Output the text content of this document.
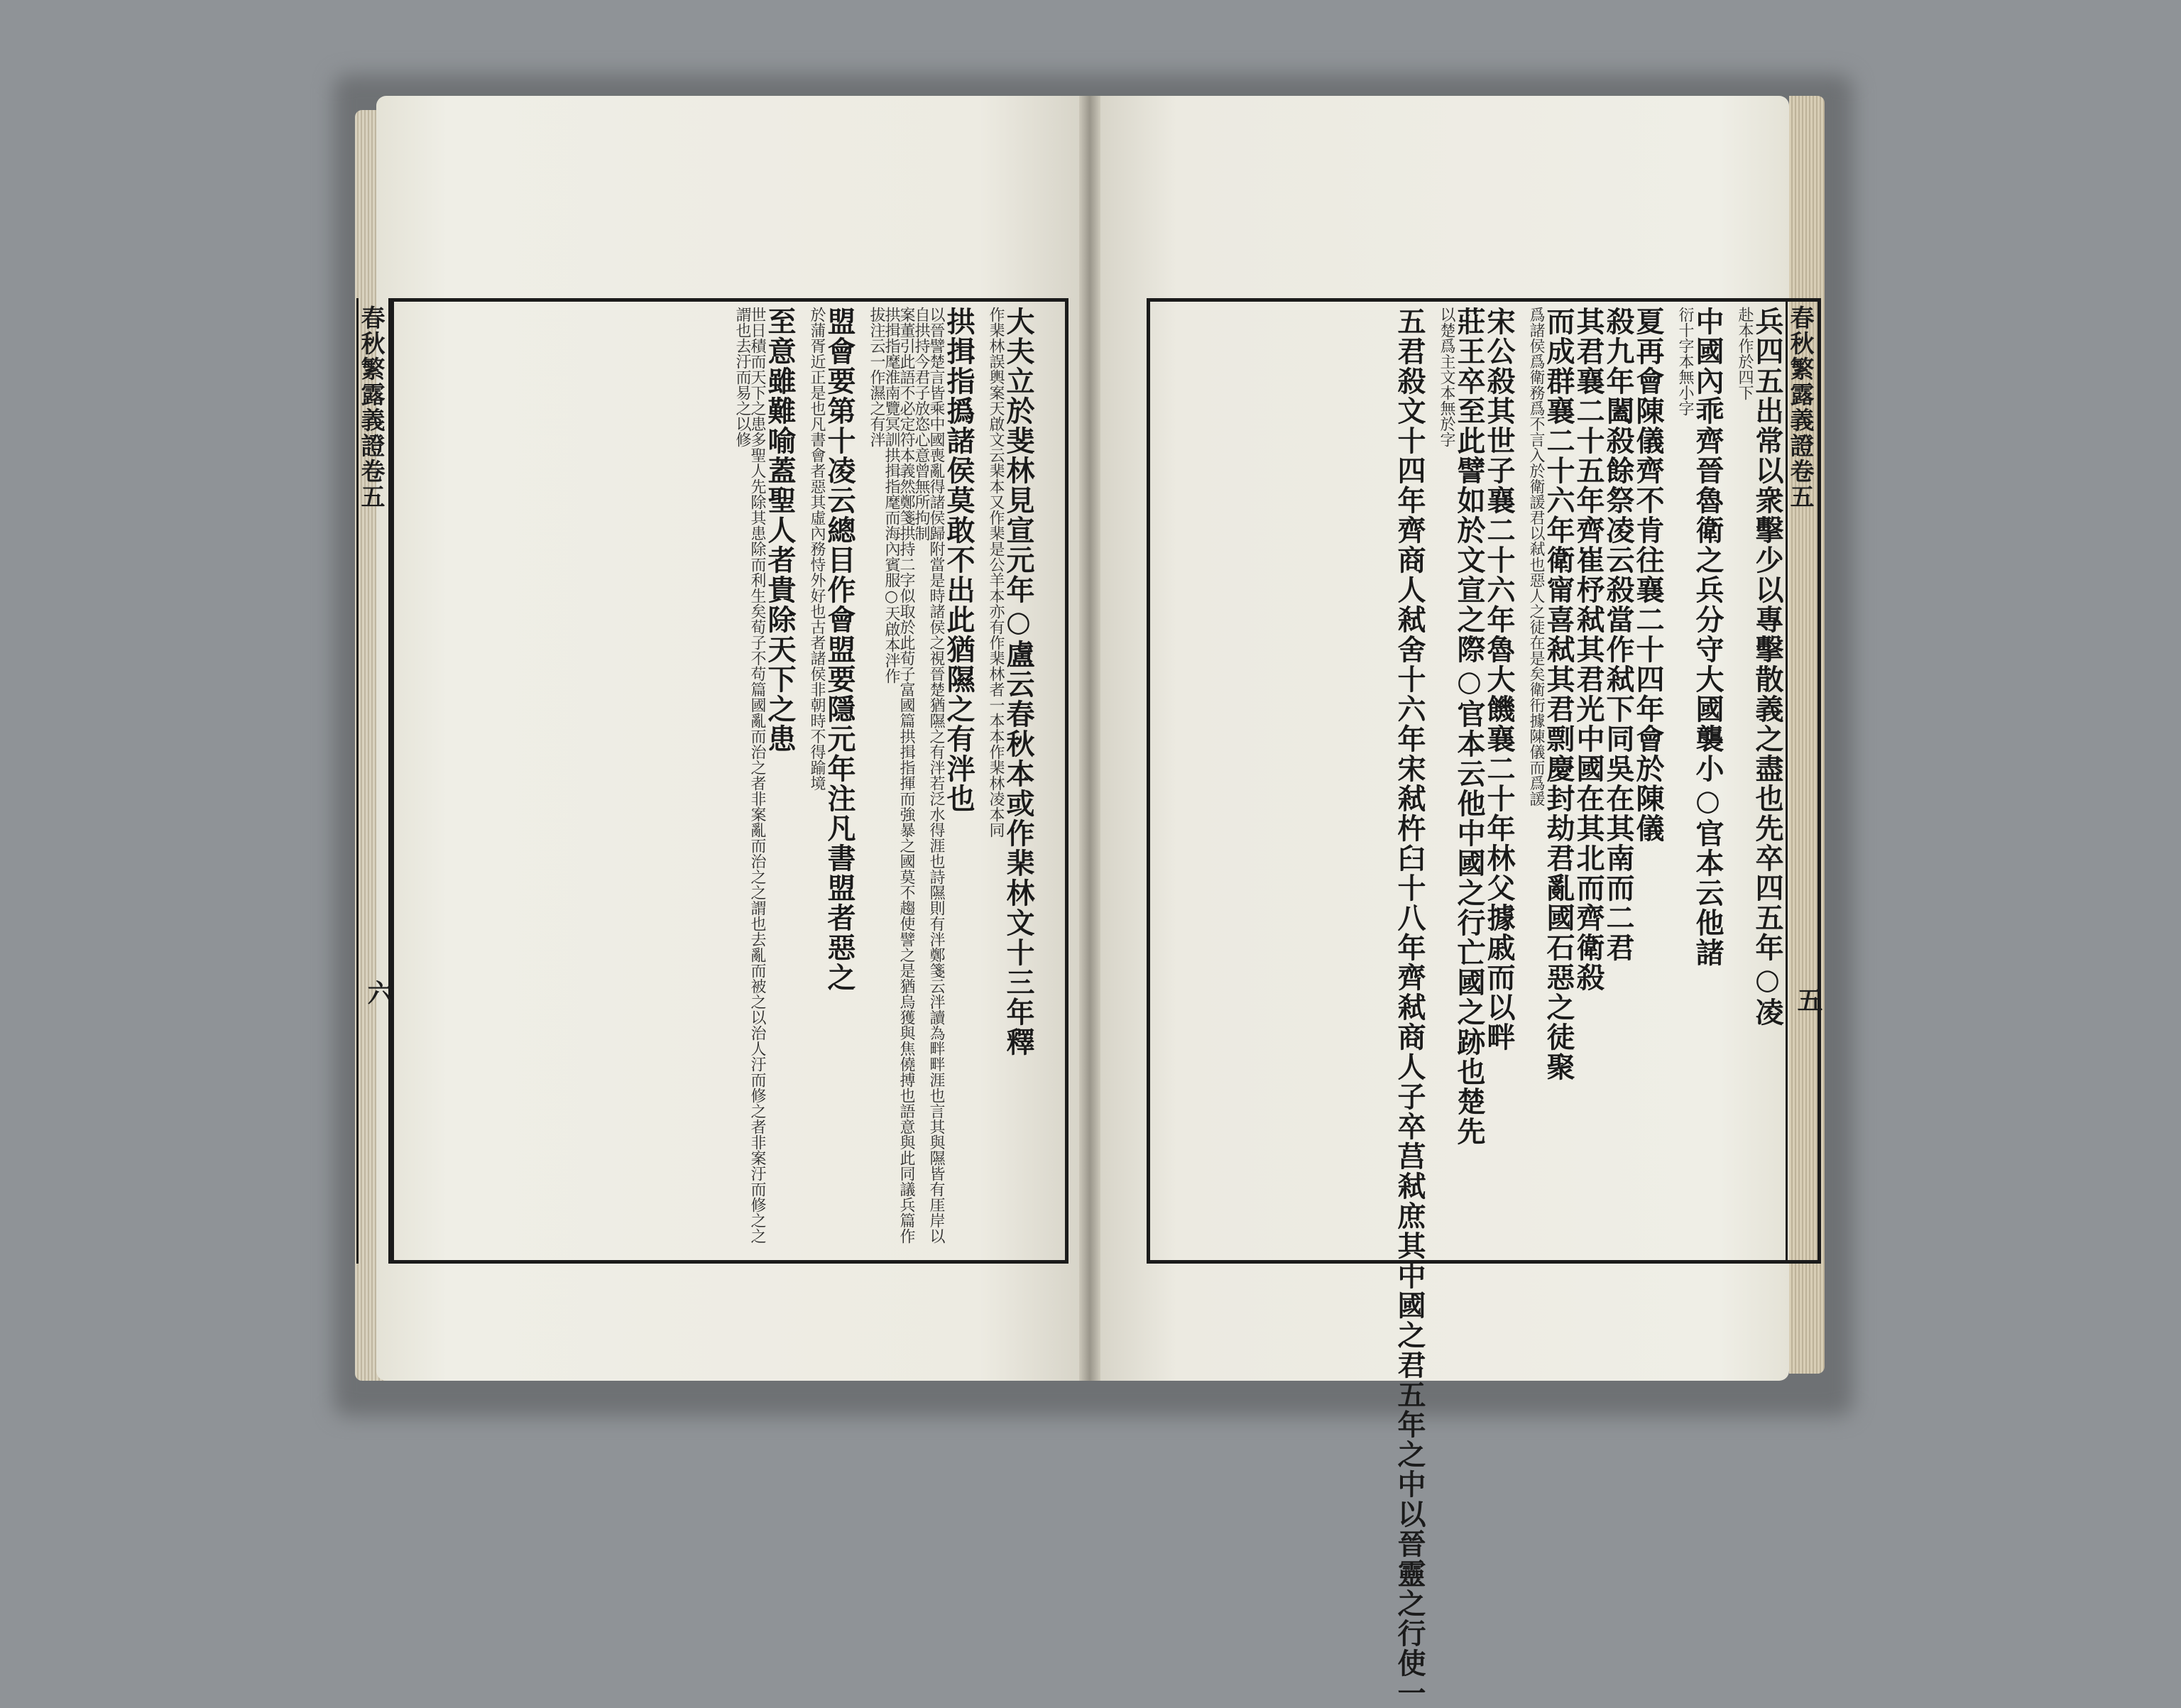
春秋繁露義證卷五
六	大夫立於斐林見宣元年○盧云春秋本或作棐林文十三年釋
作棐林誤輿案天啟文云棐本又作棐是公羊本亦有作棐林者一本本作棐林凌本同
拱揖指撝諸侯莫敢不出此猶隰之有泮也
以晉譬楚言皆乘中國喪亂得諸侯歸附當是時諸侯之視晉楚猶隰之有泮若泛水得涯也詩隰則有泮鄭箋云泮讀為畔畔涯也言其與隰皆有厓岸以自拱持今君子放恣心意曾無所拘制
案董引此語不必定符本義然鄭箋拱持二字似取於此荀子富國篇拱揖指揮而強暴之國莫不趨使譬之是猶烏獲與焦僥搏也語意與此同議兵篇作拱揖指麾淮南覽冥訓拱揖指麾而海內賓服○天啟本泮作
拔注云一作濕之有泮
盟會要第十凌云總目作會盟要隱元年注凡書盟者惡之
於蒲胥近正是也凡書會者惡其虛內務恃外好也古者諸侯非朝時不得踰境
至意雖難喻蓋聖人者貴除天下之患
世日積而天下之患多聖人先除其患除而利生矣荀子不苟篇國亂而治之者非案亂而治之之謂也去亂而被之以治人汙而修之者非案汙而修之之謂也去汙而易之以修	春秋繁露義證卷五
五
兵四五出常以衆擊少以專擊散義之盡也先卒四五年○凌
赴本作於四下
中國內乖齊晉魯衛之兵分守大國襲小○官本云他諸
衍十字本無小字
夏再會陳儀齊不肯往襄二十四年會於陳儀
殺九年闔殺餘祭凌云殺當作弒下同吳在其南而二君
其君襄二十五年齊崔杼弒其君光中國在其北而齊衛殺
而成群襄二十六年衛甯喜弒其君剽慶封劫君亂國石惡之徒聚
爲諸侯爲衛務爲不言入於衛諼君以弒也惡人之徒在是矣衛衎據陳儀而爲諼
宋公殺其世子襄二十六年魯大饑襄二十年林父據戚而以畔
莊王卒至此譬如於文宣之際○官本云他中國之行亡國之跡也楚先
以楚爲主文本無於字
五君殺文十四年齊商人弒舍十六年宋弒杵臼十八年齊弒商人子卒莒弒庶其中國之君五年之中以晉靈之行使一
